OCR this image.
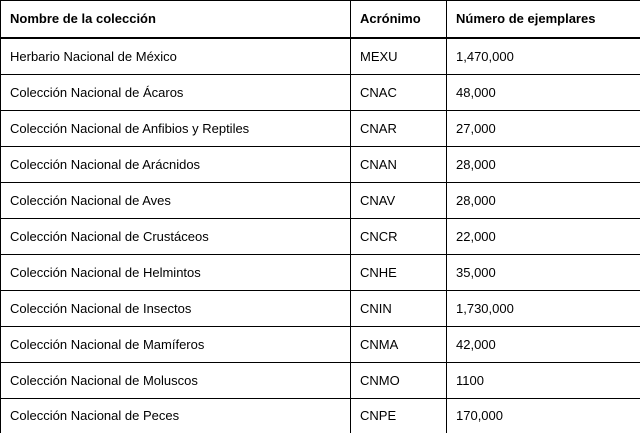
Nombre de la colección	Acrónimo	Número de ejemplares
Herbario Nacional de México	MEXU	1,470,000
Colección Nacional de Ácaros	CNAC	48,000
Colección Nacional de Anfibios y Reptiles	CNAR	27,000
Colección Nacional de Arácnidos	CNAN	28,000
Colección Nacional de Aves	CNAV	28,000
Colección Nacional de Crustáceos	CNCR	22,000
Colección Nacional de Helmintos	CNHE	35,000
Colección Nacional de Insectos	CNIN	1,730,000
Colección Nacional de Mamíferos	CNMA	42,000
Colección Nacional de Moluscos	CNMO	1100
Colección Nacional de Peces	CNPE	170,000
